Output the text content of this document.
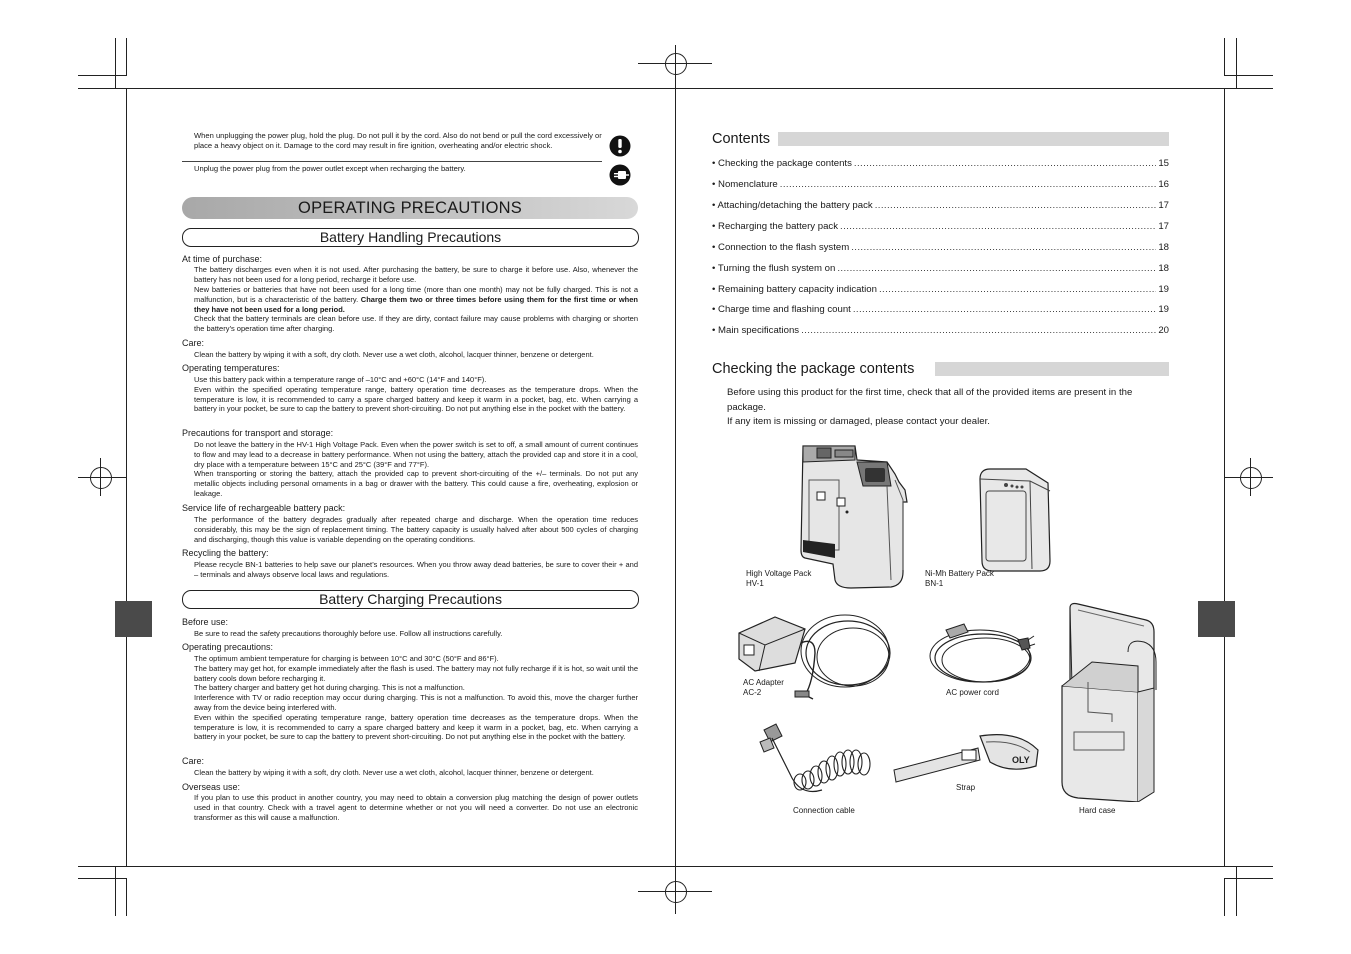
When unplugging the power plug, hold the plug. Do not pull it by the cord. Also do not bend or pull the cord excessively or place a heavy object on it. Damage to the cord may result in fire ignition, overheating and/or electric shock.
Unplug the power plug from the power outlet except when recharging the battery.
OPERATING PRECAUTIONS
Battery Handling Precautions
At time of purchase:
The battery discharges even when it is not used. After purchasing the battery, be sure to charge it before use. Also, whenever the battery has not been used for a long period, recharge it before use.
New batteries or batteries that have not been used for a long time (more than one month) may not be fully charged. This is not a malfunction, but is a characteristic of the battery. Charge them two or three times before using them for the first time or when they have not been used for a long period.
Check that the battery terminals are clean before use. If they are dirty, contact failure may cause problems with charging or shorten the battery’s operation time after charging.
Care:
Clean the battery by wiping it with a soft, dry cloth. Never use a wet cloth, alcohol, lacquer thinner, benzene or detergent.
Operating temperatures:
Use this battery pack within a temperature range of –10°C and +60°C (14°F and 140°F).
Even within the specified operating temperature range, battery operation time decreases as the temperature drops. When the temperature is low, it is recommended to carry a spare charged battery and keep it warm in a pocket, bag, etc. When carrying a battery in your pocket, be sure to cap the battery to prevent short-circuiting. Do not put anything else in the pocket with the battery.
Precautions for transport and storage:
Do not leave the battery in the HV-1 High Voltage Pack. Even when the power switch is set to off, a small amount of current continues to flow and may lead to a decrease in battery performance. When not using the battery, attach the provided cap and store it in a cool, dry place with a temperature between 15°C and 25°C (39°F and 77°F).
When transporting or storing the battery, attach the provided cap to prevent short-circuiting of the +/– terminals. Do not put any metallic objects including personal ornaments in a bag or drawer with the battery. This could cause a fire, overheating, explosion or leakage.
Service life of rechargeable battery pack:
The performance of the battery degrades gradually after repeated charge and discharge. When the operation time reduces considerably, this may be the sign of replacement timing. The battery capacity is usually halved after about 500 cycles of charging and discharging, though this value is variable depending on the operating conditions.
Recycling the battery:
Please recycle BN-1 batteries to help save our planet’s resources. When you throw away dead batteries, be sure to cover their + and – terminals and always observe local laws and regulations.
Battery Charging Precautions
Before use:
Be sure to read the safety precautions thoroughly before use. Follow all instructions carefully.
Operating precautions:
The optimum ambient temperature for charging is between 10°C and 30°C (50°F and 86°F).
The battery may get hot, for example immediately after the flash is used. The battery may not fully recharge if it is hot, so wait until the battery cools down before recharging it.
The battery charger and battery get hot during charging. This is not a malfunction.
Interference with TV or radio reception may occur during charging. This is not a malfunction. To avoid this, move the charger further away from the device being interfered with.
Even within the specified operating temperature range, battery operation time decreases as the temperature drops. When the temperature is low, it is recommended to carry a spare charged battery and keep it warm in a pocket, bag, etc. When carrying a battery in your pocket, be sure to cap the battery to prevent short-circuiting. Do not put anything else in the pocket with the battery.
Care:
Clean the battery by wiping it with a soft, dry cloth. Never use a wet cloth, alcohol, lacquer thinner, benzene or detergent.
Overseas use:
If you plan to use this product in another country, you may need to obtain a conversion plug matching the design of power outlets used in that country. Check with a travel agent to determine whether or not you will need a converter. Do not use an electronic transformer as this will cause a malfunction.
Contents
• Checking the package contents .....	15
• Nomenclature .....	16
• Attaching/detaching the battery pack .....	17
• Recharging the battery pack .....	17
• Connection to the flash system .....	18
• Turning the flush system on .....	18
• Remaining battery capacity indication .....	19
• Charge time and flashing count .....	19
• Main specifications .....	20
Checking the package contents
Before using this product for the first time, check that all of the provided items are present in the package.
If any item is missing or damaged, please contact your dealer.
High Voltage Pack
HV-1
Ni-Mh Battery Pack
BN-1
AC Adapter
AC-2	AC power cord
Connection cable
OLY
Strap
Hard case
